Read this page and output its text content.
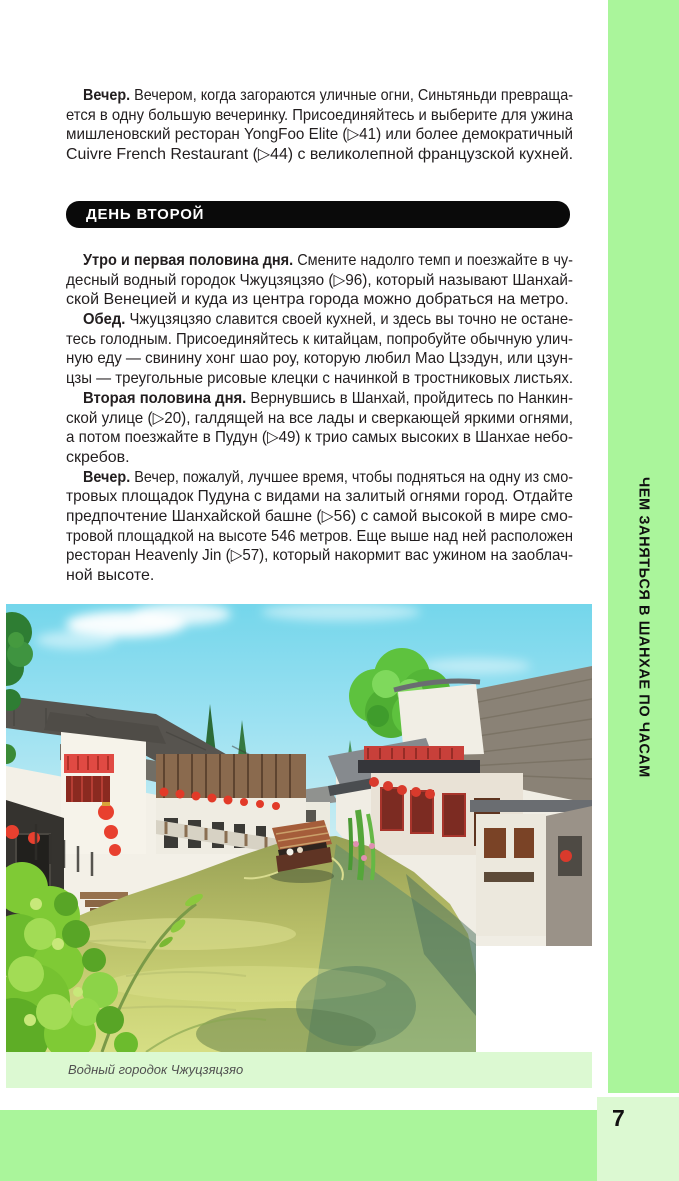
Вечер. Вечером, когда загораются уличные огни, Синьтяньди превраща-
ется в одну большую вечеринку. Присоединяйтесь и выберите для ужина
мишленовский ресторан YongFoo Elite (▷41) или более демократичный
Cuivre French Restaurant (▷44) с великолепной французской кухней.
ДЕНЬ ВТОРОЙ
Утро и первая половина дня. Смените надолго темп и поезжайте в чу-
десный водный городок Чжуцзяцзяо (▷96), который называют Шанхай-
ской Венецией и куда из центра города можно добраться на метро.
Обед. Чжуцзяцзяо славится своей кухней, и здесь вы точно не остане-
тесь голодным. Присоединяйтесь к китайцам, попробуйте обычную улич-
ную еду — свинину хонг шао роу, которую любил Мао Цзэдун, или цзун-
цзы — треугольные рисовые клецки с начинкой в тростниковых листьях.
Вторая половина дня. Вернувшись в Шанхай, пройдитесь по Нанкин-
ской улице (▷20), галдящей на все лады и сверкающей яркими огнями,
а потом поезжайте в Пудун (▷49) к трио самых высоких в Шанхае небо-
скребов.
Вечер. Вечер, пожалуй, лучшее время, чтобы подняться на одну из смо-
тровых площадок Пудуна с видами на залитый огнями город. Отдайте
предпочтение Шанхайской башне (▷56) с самой высокой в мире смо-
тровой площадкой на высоте 546 метров. Еще выше над ней расположен
ресторан Heavenly Jin (▷57), который накормит вас ужином на заоблач-
ной высоте.
Водный городок Чжуцзяцзяо
ЧЕМ ЗАНЯТЬСЯ В ШАНХАЕ ПО ЧАСАМ
7
